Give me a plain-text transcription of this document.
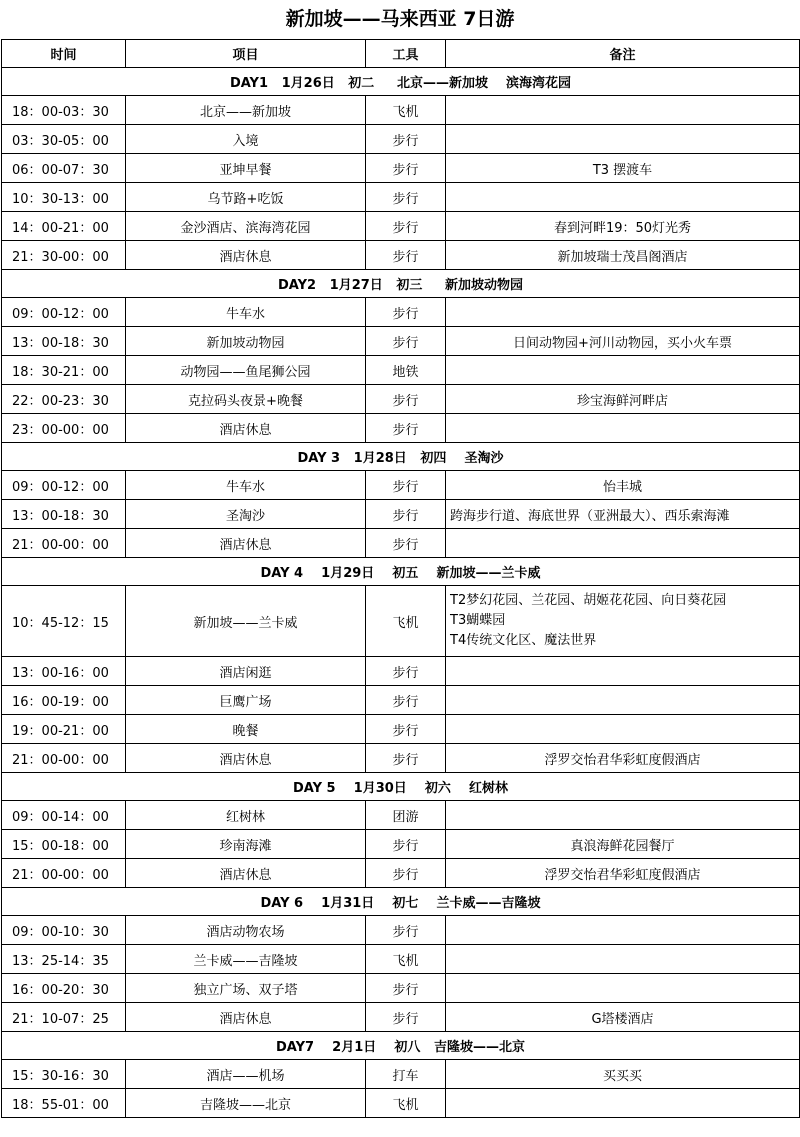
新加坡——马来西亚 7日游
时间	项目	工具	备注
DAY1   1月26日   初二     北京——新加坡    滨海湾花园			
18：00-03：30	北京——新加坡	飞机	
03：30-05：00	入境	步行	
06：00-07：30	亚坤早餐	步行	T3 摆渡车
10：30-13：00	乌节路+吃饭	步行	
14：00-21：00	金沙酒店、滨海湾花园	步行	春到河畔19：50灯光秀
21：30-00：00	酒店休息	步行	新加坡瑞士茂昌阁酒店
DAY2   1月27日   初三     新加坡动物园			
09：00-12：00	牛车水	步行	
13：00-18：30	新加坡动物园	步行	日间动物园+河川动物园，买小火车票
18：30-21：00	动物园——鱼尾狮公园	地铁	
22：00-23：30	克拉码头夜景+晚餐	步行	珍宝海鲜河畔店
23：00-00：00	酒店休息	步行	
DAY 3   1月28日   初四    圣淘沙			
09：00-12：00	牛车水	步行	怡丰城
13：00-18：30	圣淘沙	步行	跨海步行道、海底世界（亚洲最大）、西乐索海滩
21：00-00：00	酒店休息	步行	
DAY 4    1月29日    初五    新加坡——兰卡威			
10：45-12：15	新加坡——兰卡威	飞机	T2梦幻花园、兰花园、胡姬花花园、向日葵花园
T3蝴蝶园
T4传统文化区、魔法世界

13：00-16：00	酒店闲逛	步行	
16：00-19：00	巨鹰广场	步行	
19：00-21：00	晚餐	步行	
21：00-00：00	酒店休息	步行	浮罗交怡君华彩虹度假酒店
DAY 5    1月30日    初六    红树林			
09：00-14：00	红树林	团游	
15：00-18：00	珍南海滩	步行	真浪海鲜花园餐厅
21：00-00：00	酒店休息	步行	浮罗交怡君华彩虹度假酒店
DAY 6    1月31日    初七    兰卡威——吉隆坡			
09：00-10：30	酒店动物农场	步行	
13：25-14：35	兰卡威——吉隆坡	飞机	
16：00-20：30	独立广场、双子塔	步行	
21：10-07：25	酒店休息	步行	G塔楼酒店
DAY7    2月1日    初八   吉隆坡——北京			
15：30-16：30	酒店——机场	打车	买买买
18：55-01：00	吉隆坡——北京	飞机	
